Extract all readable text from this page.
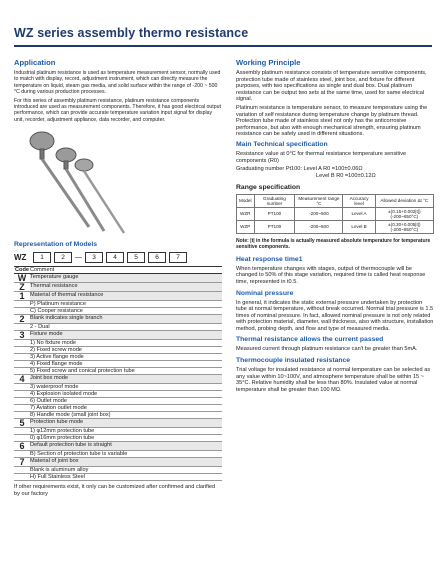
WZ series assembly thermo resistance
Application

Industrial platinum resistance is used as temperature measurement sensor, normally used to match with display, record, adjustment instrument, which can directly measure the temperature on liquid, steam gas media, and solid surface within the range of -200 ~ 500 °C during various production processes.

For this series of assembly platinum resistance, platinum resistance components introduced are used as measurement components. Therefore, it has good electrical output performance, which can provide accurate temperature variation input signal for display unit, recorder, adjustment appliance, data recorder, and computer.

Representation of Models
WZ	1	2	—	3	4	5	6	7
Code Comment
W Temperature gauge
Z Thermal resistance
1 Material of thermal resistance
P) Platinum resistance
C) Cooper resistance
2 Blank indicates single branch
2 - Dual
3 Fixture mode
1) No fixture mode
2) Fixed screw mode
3) Active flange mode
4) Fixed flange mode
5) Fixed screw and conical protection tube
4 Joint box mode
3) waterproof mode
4) Explosion isolated mode
6) Outlet mode
7) Aviation outlet mode
8) Handle mode (small joint box)
5 Protection tube mode
1) φ12mm protection tube
0) φ16mm protection tube
6 Default protection tube is straight
B) Section of protection tube is variable
7 Material of joint box
Blank is aluminum alloy
H) Full Stainless Steel
If other requirements exist, it only can be customized after confirmed and clarified by our factory
Working Principle

Assembly platinum resistance consists of temperature sensitive components, protection tube made of stainless steel, joint box, and fixture for different purposes, with two specifications as single and dual box. Dual platinum resistance can be output two sets at the same time, used for same electrical signal.

Platinum resistance is temperature sensor, to measure temperature using the variation of self resistance during temperature change by platinum thread. Protection tube made of stainless steel not only has the anticorrosive performance, but also with enough mechanical strength, ensuring platinum resistance can be safely used in different situations.

Main Technical specification

Resistance value at 0°C for thermal resistance temperature sensitive components (R0)

Graduating number Pt100: Level A R0 =100±0.06Ω
Level B R0 =100±0.12Ω
Range specification
Model	Graduating number	Measurement range °C	Accuracy level	Allowed deviation Δt °C
WZR	PT100	-200~500	Level A	±(0.15+0.002|t|)(-200~650°C)
WZP	PT100	-200~500	Level B	±(0.30+0.005|t|)(-200~850°C)
Note: |t| in the formula is actually measured absolute temperature for temperature sensitive components.
Heat response time1

When temperature changes with stages, output of thermocouple will be changed to 50% of this stage variation, required time is called heat response time, represented in t0.5.

Nominal pressure

In general, it indicates the static external pressure undertaken by protection tube at normal temperature, without break occurred. Normal trial pressure is 1.5 times of nominal pressure. In fact, allowed nominal pressure is not only related with protection material, diameter, wall thickness, also with structure, installation method, probing depth, and flow and type of measured media.

Thermal resistance allows the current passed

Measured current through platinum resistance can't be greater than 5mA.

Thermocouple insulated resistance

Trial voltage for insulated resistance at normal temperature can be selected as any value within 10~100V, and atmosphere temperature shall be within 15 ~ 35°C. Relative humidity shall be less than 80%. Insulated value at normal temperature shall be greater than 100 MΩ.
